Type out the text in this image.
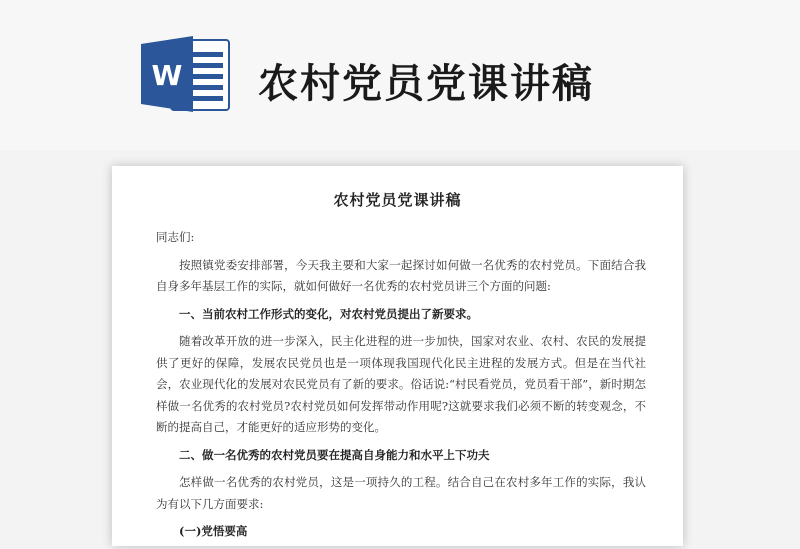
W 农村党员党课讲稿
农村党员党课讲稿

同志们:

按照镇党委安排部署，今天我主要和大家一起探讨如何做一名优秀的农村党员。下面结合我自身多年基层工作的实际，就如何做好一名优秀的农村党员讲三个方面的问题:

一、当前农村工作形式的变化，对农村党员提出了新要求。

随着改革开放的进一步深入，民主化进程的进一步加快，国家对农业、农村、农民的发展提供了更好的保障，发展农民党员也是一项体现我国现代化民主进程的发展方式。但是在当代社会，农业现代化的发展对农民党员有了新的要求。俗话说:“村民看党员，党员看干部”，新时期怎样做一名优秀的农村党员?农村党员如何发挥带动作用呢?这就要求我们必须不断的转变观念，不断的提高自己，才能更好的适应形势的变化。

二、做一名优秀的农村党员要在提高自身能力和水平上下功夫

怎样做一名优秀的农村党员，这是一项持久的工程。结合自己在农村多年工作的实际，我认为有以下几方面要求:

(一)党悟要高
